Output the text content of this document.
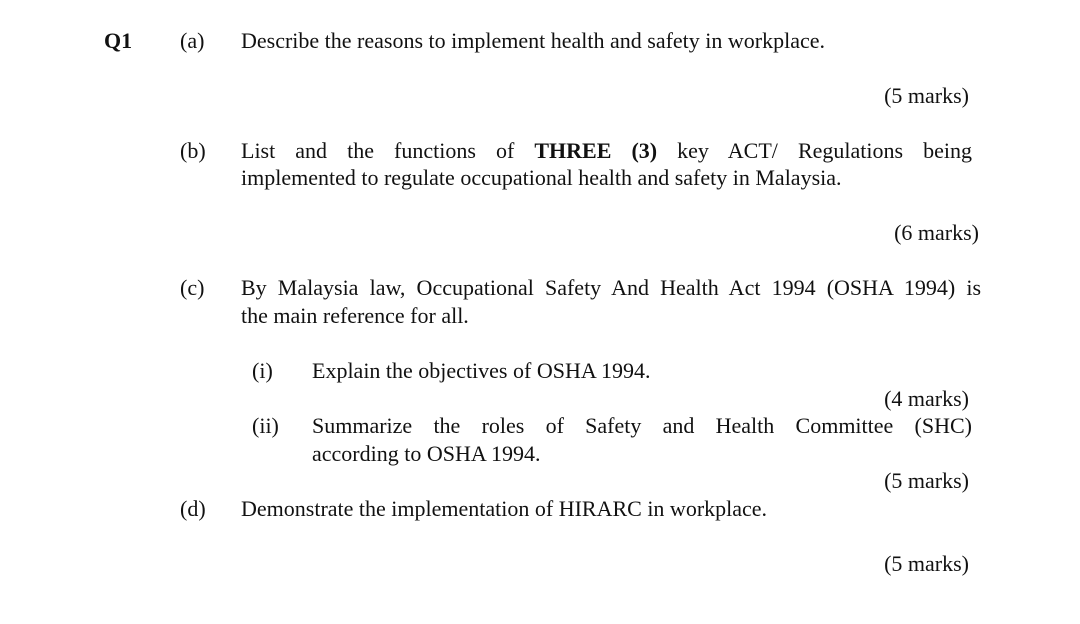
Q1 (a) Describe the reasons to implement health and safety in workplace.
(5 marks)
(b) List and the functions of THREE (3) key ACT/ Regulations being
implemented to regulate occupational health and safety in Malaysia.
(6 marks)
(c) By Malaysia law, Occupational Safety And Health Act 1994 (OSHA 1994) is
the main reference for all.
(i) Explain the objectives of OSHA 1994.
(4 marks)
(ii) Summarize the roles of Safety and Health Committee (SHC)
according to OSHA 1994.
(5 marks)
(d) Demonstrate the implementation of HIRARC in workplace.
(5 marks)
